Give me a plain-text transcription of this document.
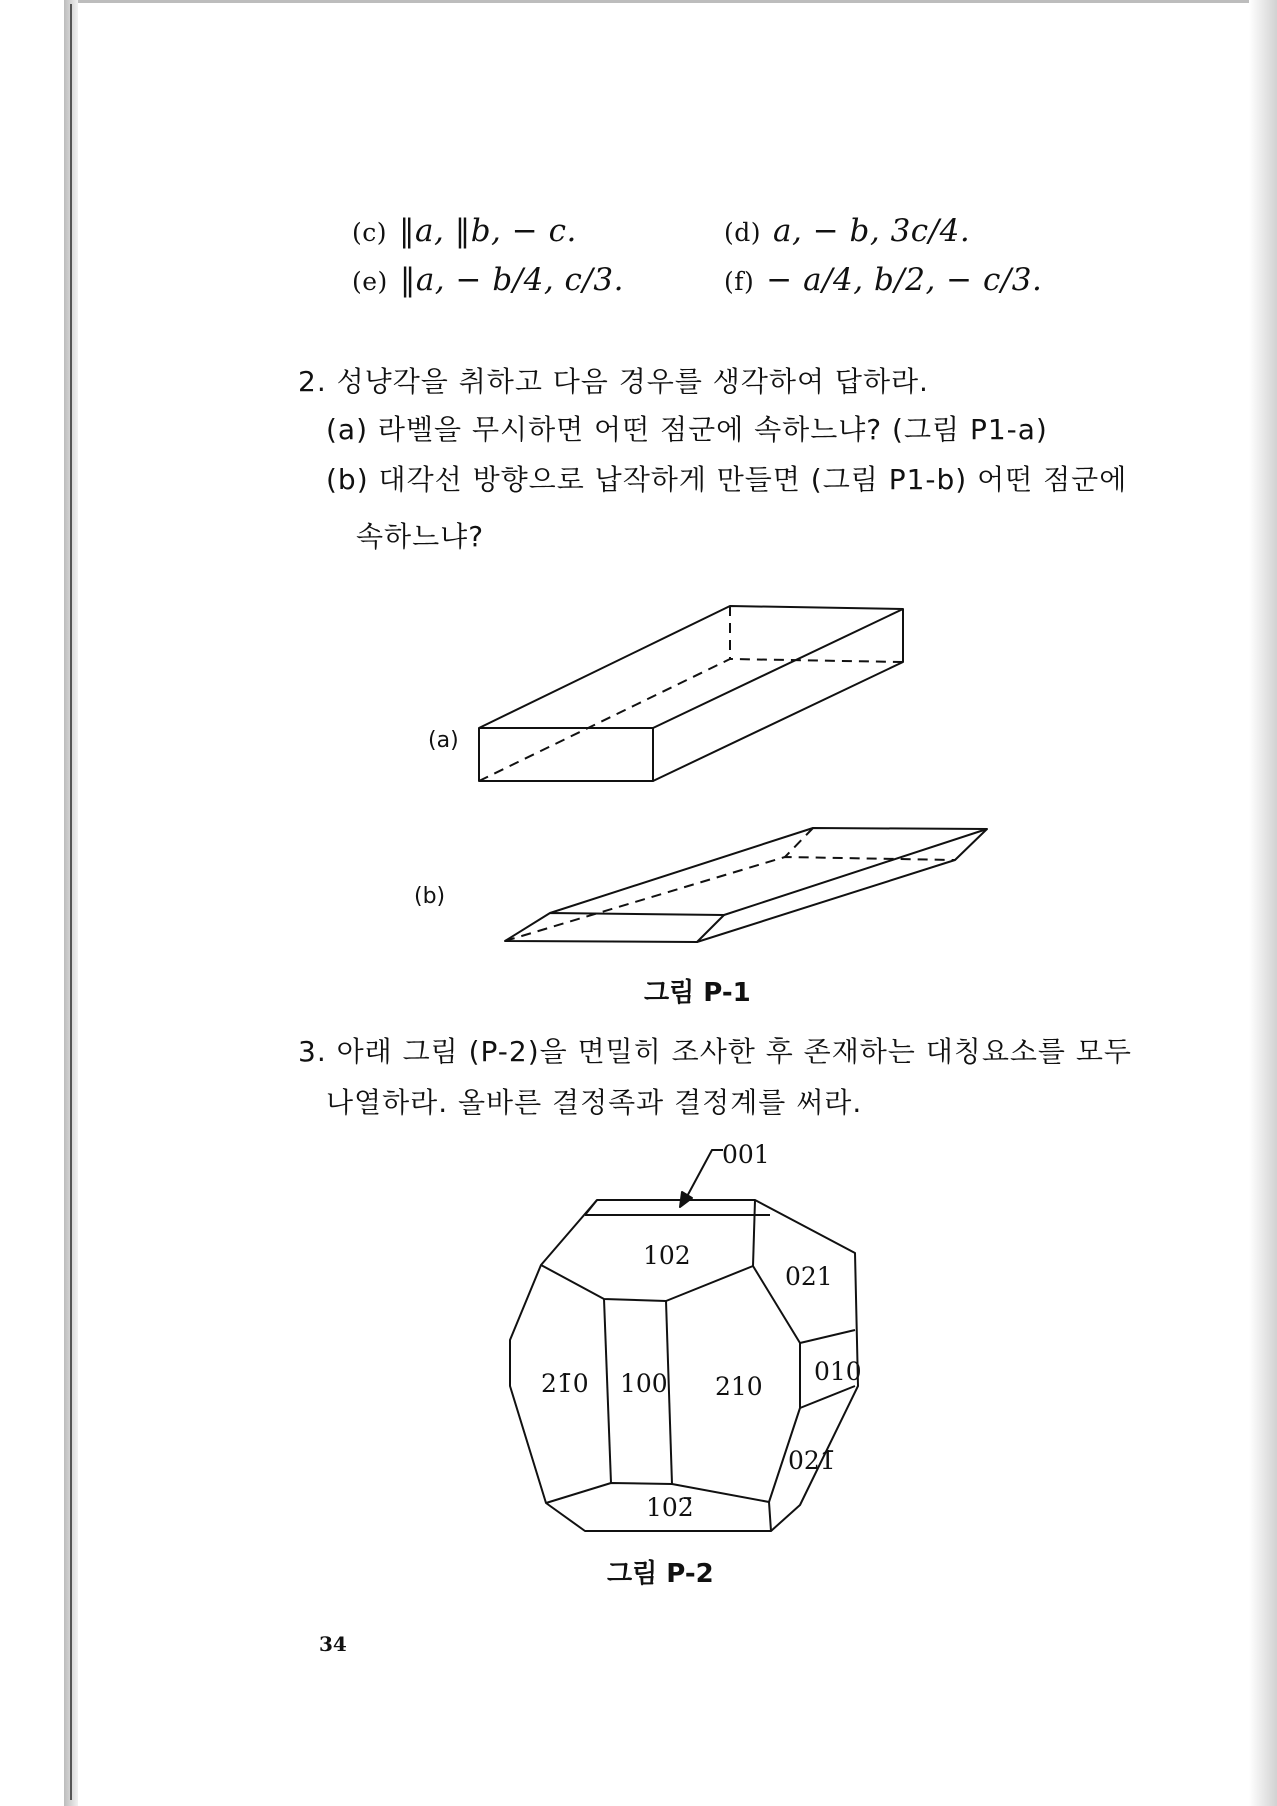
(c) ‖a, ‖b, − c.	(d) a, − b, 3c/4.
(e) ‖a, − b/4, c/3.	(f) − a/4, b/2, − c/3.
2. 성냥각을 취하고 다음 경우를 생각하여 답하라.
(a) 라벨을 무시하면 어떤 점군에 속하느냐? (그림 P1-a)
(b) 대각선 방향으로 납작하게 만들면 (그림 P1-b) 어떤 점군에
속하느냐?
(a)
(b)
그림 P-1
3. 아래 그림 (P-2)을 면밀히 조사한 후 존재하는 대칭요소를 모두
나열하라. 올바른 결정족과 결정계를 써라.
001
102
021
21̄0 100 210
010
021̄
102̄
그림 P-2
34
